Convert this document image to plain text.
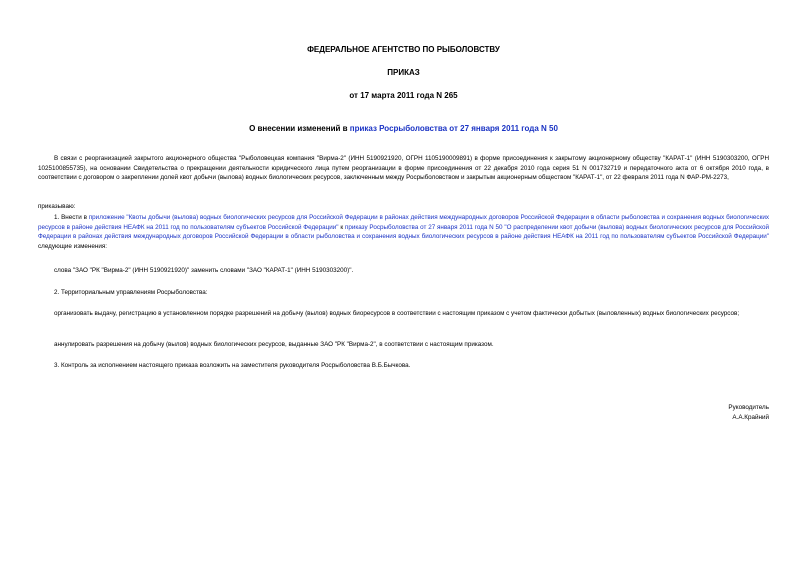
ФЕДЕРАЛЬНОЕ АГЕНТСТВО ПО РЫБОЛОВСТВУ
ПРИКАЗ
от 17 марта 2011 года N 265
О внесении изменений в приказ Росрыболовства от 27 января 2011 года N 50
В связи с реорганизацией закрытого акционерного общества "Рыболовецкая компания "Вирма-2" (ИНН 5190921920, ОГРН 1105190009891) в форме присоединения к закрытому акционерному обществу "КАРАТ-1" (ИНН 5190303200, ОГРН 1025100855735), на основании Свидетельства о прекращении деятельности юридического лица путем реорганизации в форме присоединения от 22 декабря 2010 года серия 51 N 001732719 и передаточного акта от 6 октября 2010 года, в соответствии с договором о закреплении долей квот добычи (вылова) водных биологических ресурсов, заключенным между Росрыболовством и закрытым акционерным обществом "КАРАТ-1", от 22 февраля 2011 года N ФАР-РМ-2273,
приказываю:
1. Внести в приложение "Квоты добычи (вылова) водных биологических ресурсов для Российской Федерации в районах действия международных договоров Российской Федерации в области рыболовства и сохранения водных биологических ресурсов в районе действия НЕАФК на 2011 год по пользователям субъектов Российской Федерации" к приказу Росрыболовства от 27 января 2011 года N 50 "О распределении квот добычи (вылова) водных биологических ресурсов для Российской Федерации в районах действия международных договоров Российской Федерации в области рыболовства и сохранения водных биологических ресурсов в районе действия НЕАФК на 2011 год по пользователям субъектов Российской Федерации" следующие изменения:
слова "ЗАО "РК "Вирма-2" (ИНН 5190921920)" заменить словами "ЗАО "КАРАТ-1" (ИНН 5190303200)".
2. Территориальным управлениям Росрыболовства:
организовать выдачу, регистрацию в установленном порядке разрешений на добычу (вылов) водных биоресурсов в соответствии с настоящим приказом с учетом фактически добытых (выловленных) водных биологических ресурсов;
аннулировать разрешения на добычу (вылов) водных биологических ресурсов, выданные ЗАО "РК "Вирма-2", в соответствии с настоящим приказом.
3. Контроль за исполнением настоящего приказа возложить на заместителя руководителя Росрыболовства В.Б.Бычкова.
Руководитель
А.А.Крайний
